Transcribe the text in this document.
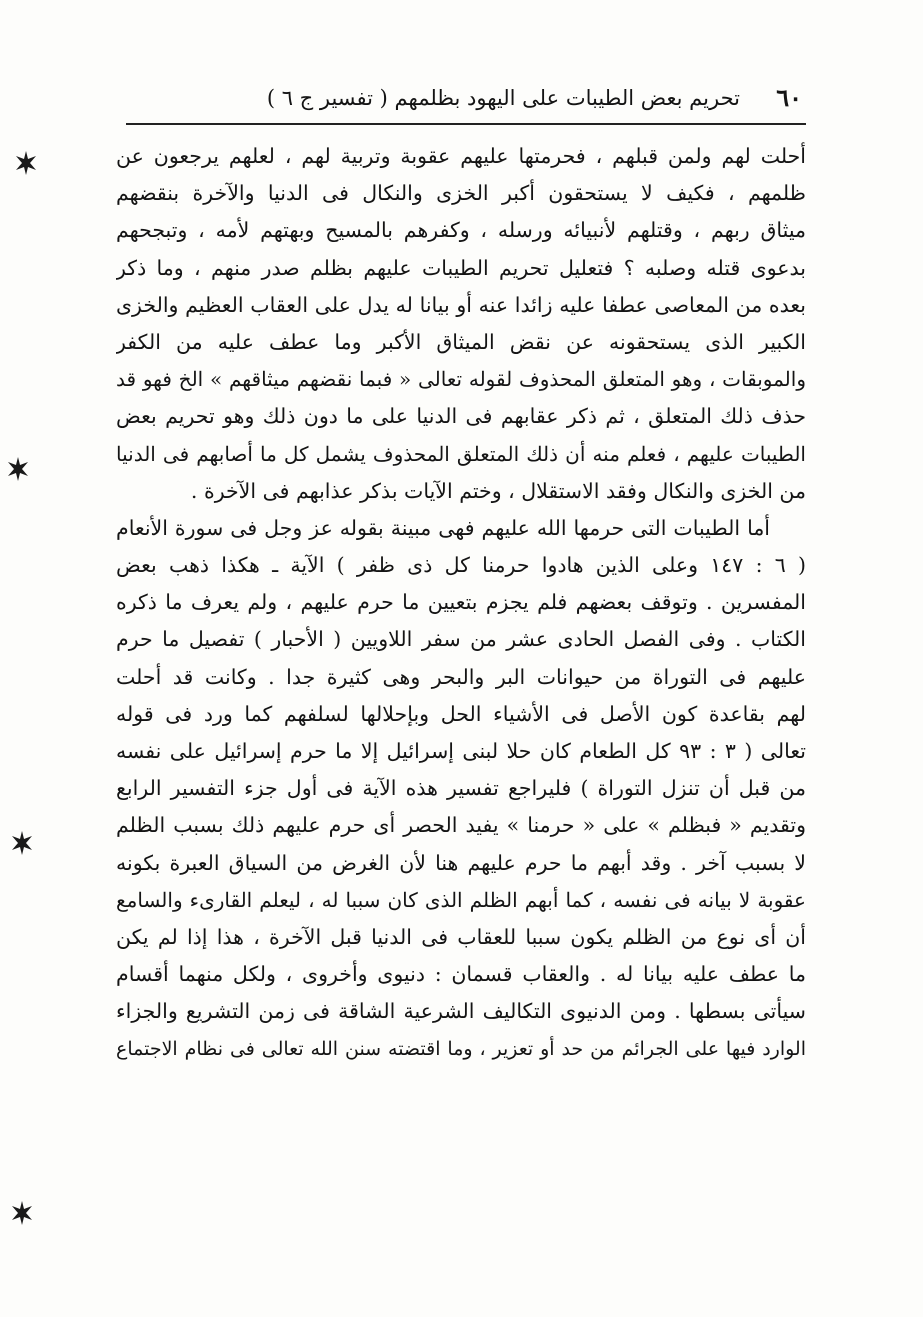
٦٠
تحريم بعض الطيبات على اليهود بظلمهم ( تفسير ج ٦ )
أحلت لهم ولمن قبلهم ، فحرمتها عليهم عقوبة وتربية لهم ، لعلهم يرجعون عن
ظلمهم ، فكيف لا يستحقون أكبر الخزى والنكال فى الدنيا والآخرة بنقضهم
ميثاق ربهم ، وقتلهم لأنبيائه ورسله ، وكفرهم بالمسيح وبهتهم لأمه ، وتبجحهم
بدعوى قتله وصلبه ؟ فتعليل تحريم الطيبات عليهم بظلم صدر منهم ، وما ذكر
بعده من المعاصى عطفا عليه زائدا عنه أو بيانا له يدل على العقاب العظيم والخزى
الكبير الذى يستحقونه عن نقض الميثاق الأكبر وما عطف عليه من الكفر
والموبقات ، وهو المتعلق المحذوف لقوله تعالى « فبما نقضهم ميثاقهم » الخ فهو قد
حذف ذلك المتعلق ، ثم ذكر عقابهم فى الدنيا على ما دون ذلك وهو تحريم بعض
الطيبات عليهم ، فعلم منه أن ذلك المتعلق المحذوف يشمل كل ما أصابهم فى الدنيا
من الخزى والنكال وفقد الاستقلال ، وختم الآيات بذكر عذابهم فى الآخرة .
أما الطيبات التى حرمها الله عليهم فهى مبينة بقوله عز وجل فى سورة الأنعام
( ٦ : ١٤٧ وعلى الذين هادوا حرمنا كل ذى ظفر ) الآية ـ هكذا ذهب بعض
المفسرين . وتوقف بعضهم فلم يجزم بتعيين ما حرم عليهم ، ولم يعرف ما ذكره
الكتاب . وفى الفصل الحادى عشر من سفر اللاويين ( الأحبار ) تفصيل ما حرم
عليهم فى التوراة من حيوانات البر والبحر وهى كثيرة جدا . وكانت قد أحلت
لهم بقاعدة كون الأصل فى الأشياء الحل وبإحلالها لسلفهم كما ورد فى قوله
تعالى ( ٣ : ٩٣ كل الطعام كان حلا لبنى إسرائيل إلا ما حرم إسرائيل على نفسه
من قبل أن تنزل التوراة ) فليراجع تفسير هذه الآية فى أول جزء التفسير الرابع
وتقديم « فبظلم » على « حرمنا » يفيد الحصر أى حرم عليهم ذلك بسبب الظلم
لا بسبب آخر . وقد أبهم ما حرم عليهم هنا لأن الغرض من السياق العبرة بكونه
عقوبة لا بيانه فى نفسه ، كما أبهم الظلم الذى كان سببا له ، ليعلم القارىء والسامع
أن أى نوع من الظلم يكون سببا للعقاب فى الدنيا قبل الآخرة ، هذا إذا لم يكن
ما عطف عليه بيانا له . والعقاب قسمان : دنيوى وأخروى ، ولكل منهما أقسام
سيأتى بسطها . ومن الدنيوى التكاليف الشرعية الشاقة فى زمن التشريع والجزاء
الوارد فيها على الجرائم من حد أو تعزير ، وما اقتضته سنن الله تعالى فى نظام الاجتماع
